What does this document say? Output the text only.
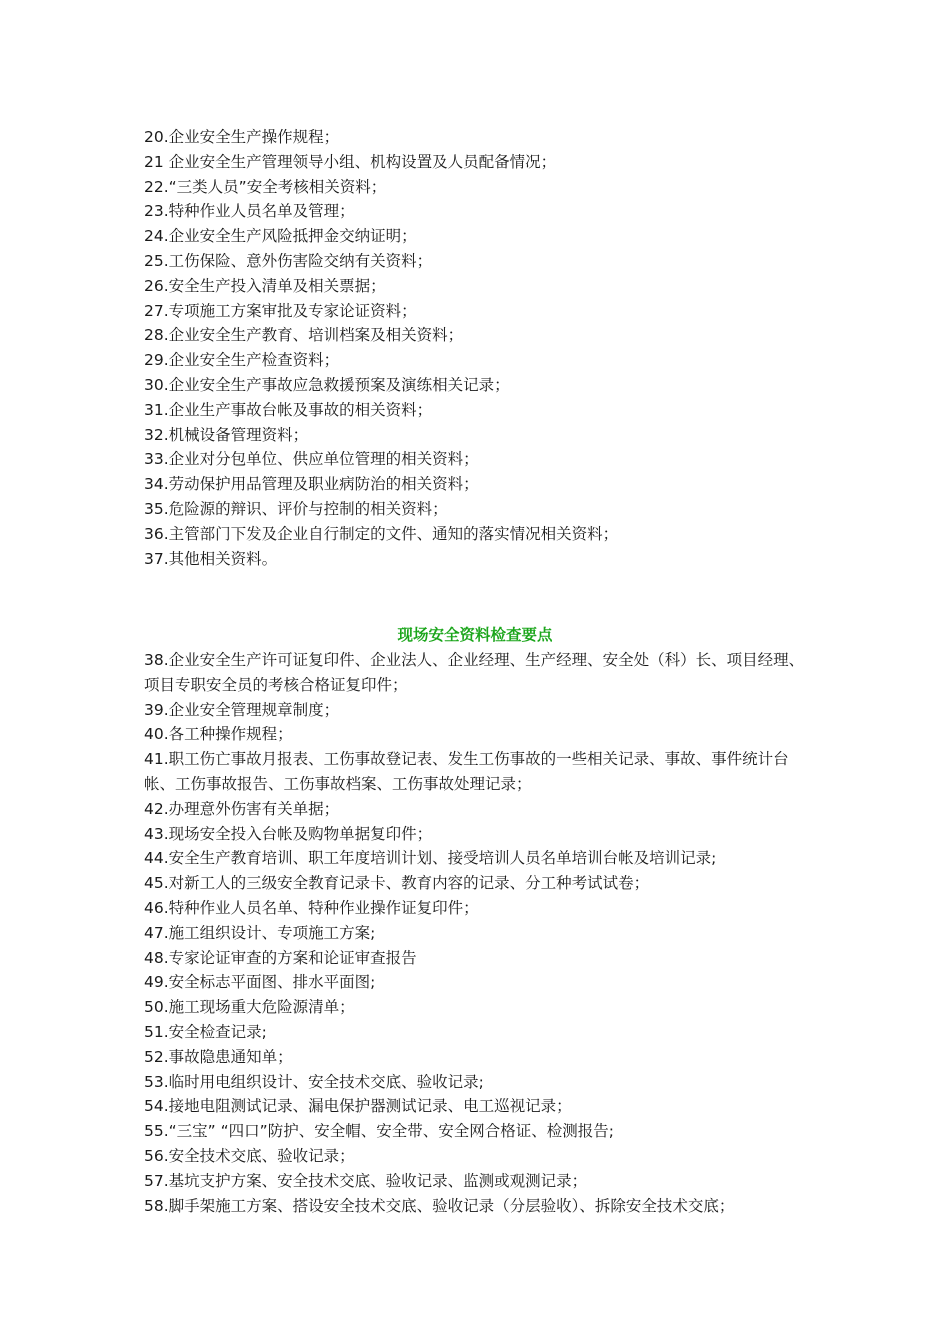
20.企业安全生产操作规程；
21 企业安全生产管理领导小组、机构设置及人员配备情况；
22.“三类人员”安全考核相关资料；
23.特种作业人员名单及管理；
24.企业安全生产风险抵押金交纳证明；
25.工伤保险、意外伤害险交纳有关资料；
26.安全生产投入清单及相关票据；
27.专项施工方案审批及专家论证资料；
28.企业安全生产教育、培训档案及相关资料；
29.企业安全生产检查资料；
30.企业安全生产事故应急救援预案及演练相关记录；
31.企业生产事故台帐及事故的相关资料；
32.机械设备管理资料；
33.企业对分包单位、供应单位管理的相关资料；
34.劳动保护用品管理及职业病防治的相关资料；
35.危险源的辩识、评价与控制的相关资料；
36.主管部门下发及企业自行制定的文件、通知的落实情况相关资料；
37.其他相关资料。
现场安全资料检查要点
38.企业安全生产许可证复印件、企业法人、企业经理、生产经理、安全处（科）长、项目经理、项目专职安全员的考核合格证复印件；
39.企业安全管理规章制度；
40.各工种操作规程；
41.职工伤亡事故月报表、工伤事故登记表、发生工伤事故的一些相关记录、事故、事件统计台帐、工伤事故报告、工伤事故档案、工伤事故处理记录；
42.办理意外伤害有关单据；
43.现场安全投入台帐及购物单据复印件；
44.安全生产教育培训、职工年度培训计划、接受培训人员名单培训台帐及培训记录;
45.对新工人的三级安全教育记录卡、教育内容的记录、分工种考试试卷；
46.特种作业人员名单、特种作业操作证复印件；
47.施工组织设计、专项施工方案;
48.专家论证审查的方案和论证审查报告
49.安全标志平面图、排水平面图;
50.施工现场重大危险源清单；
51.安全检查记录;
52.事故隐患通知单；
53.临时用电组织设计、安全技术交底、验收记录;
54.接地电阻测试记录、漏电保护器测试记录、电工巡视记录；
55.“三宝” “四口”防护、安全帽、安全带、安全网合格证、检测报告;
56.安全技术交底、验收记录；
57.基坑支护方案、安全技术交底、验收记录、监测或观测记录；
58.脚手架施工方案、搭设安全技术交底、验收记录（分层验收）、拆除安全技术交底；
